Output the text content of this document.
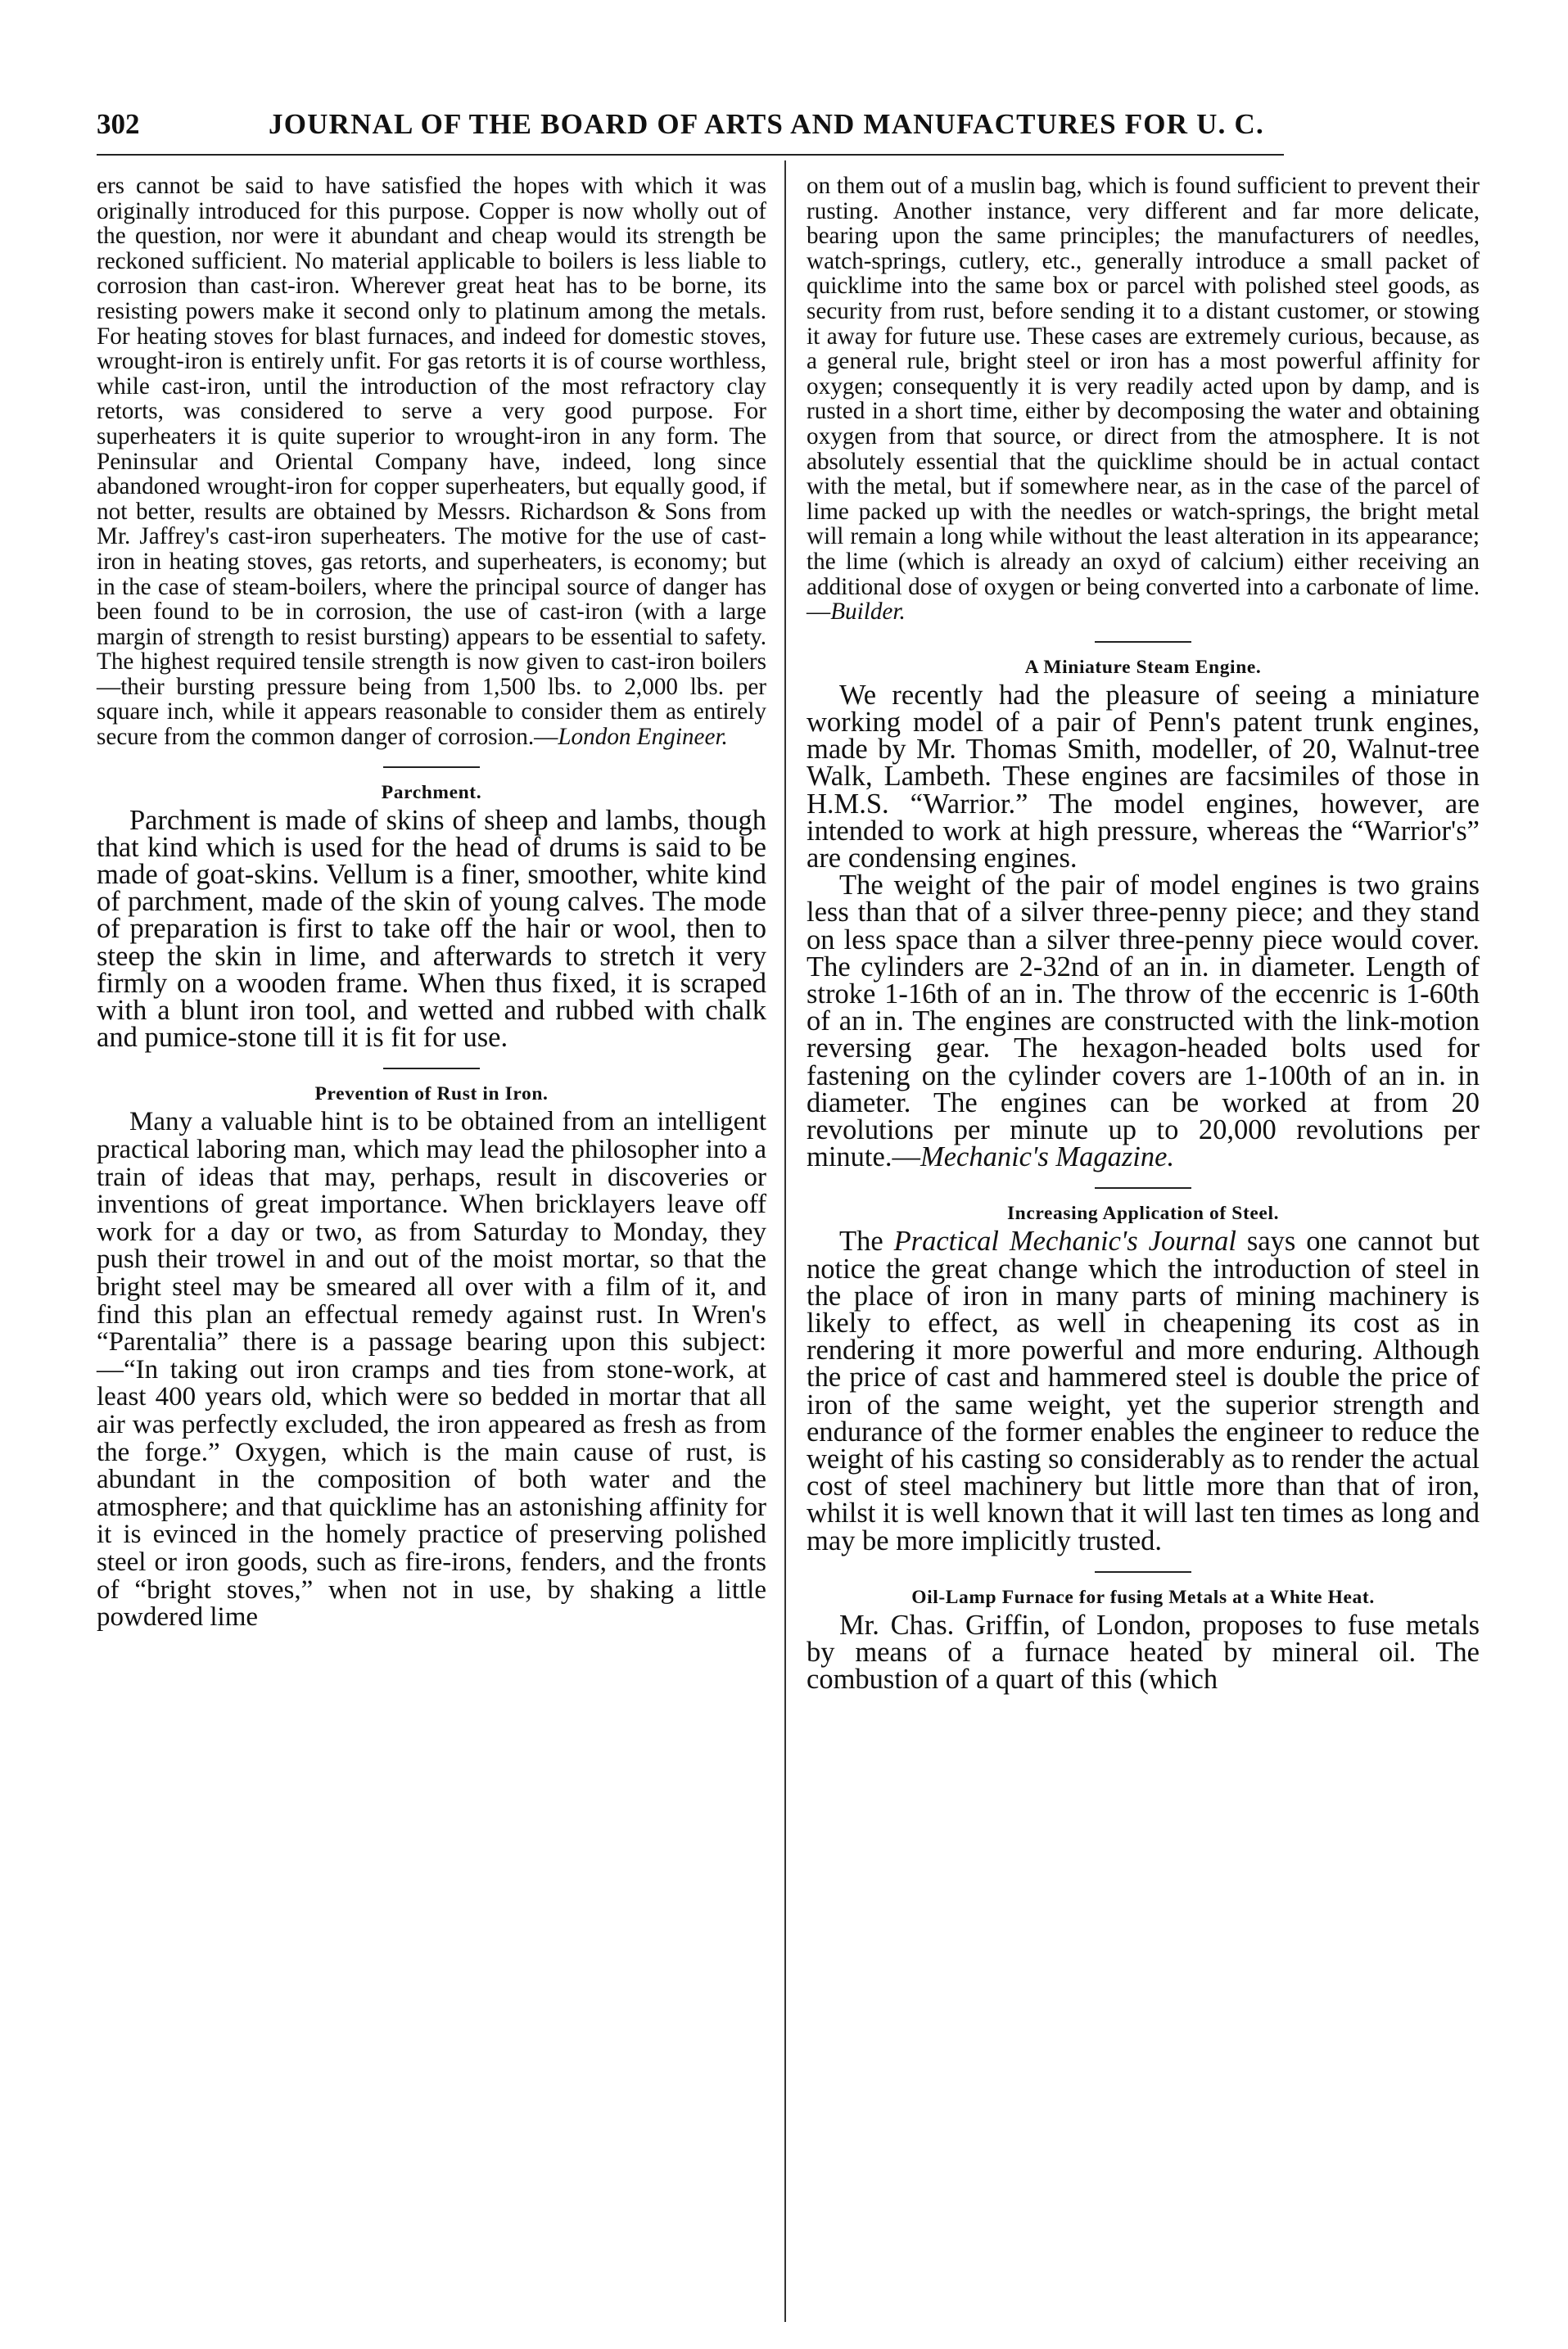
302	JOURNAL OF THE BOARD OF ARTS AND MANUFACTURES FOR U. C.

ers cannot be said to have satisfied the hopes with which it was originally introduced for this purpose. Copper is now wholly out of the question, nor were it abundant and cheap would its strength be reckoned sufficient. No material applicable to boilers is less liable to corrosion than cast-iron. Wherever great heat has to be borne, its resisting powers make it second only to platinum among the metals. For heating stoves for blast furnaces, and indeed for domestic stoves, wrought-iron is entirely unfit. For gas retorts it is of course worthless, while cast-iron, until the introduction of the most refractory clay retorts, was considered to serve a very good purpose. For superheaters it is quite superior to wrought-iron in any form. The Peninsular and Oriental Company have, indeed, long since abandoned wrought-iron for copper superheaters, but equally good, if not better, results are obtained by Messrs. Richardson & Sons from Mr. Jaffrey's cast-iron superheaters. The motive for the use of cast-iron in heating stoves, gas retorts, and superheaters, is economy; but in the case of steam-boilers, where the principal source of danger has been found to be in corrosion, the use of cast-iron (with a large margin of strength to resist bursting) appears to be essential to safety. The highest required tensile strength is now given to cast-iron boilers—their bursting pressure being from 1,500 lbs. to 2,000 lbs. per square inch, while it appears reasonable to consider them as entirely secure from the common danger of corrosion.—London Engineer.

Parchment.

Parchment is made of skins of sheep and lambs, though that kind which is used for the head of drums is said to be made of goat-skins. Vellum is a finer, smoother, white kind of parchment, made of the skin of young calves. The mode of preparation is first to take off the hair or wool, then to steep the skin in lime, and afterwards to stretch it very firmly on a wooden frame. When thus fixed, it is scraped with a blunt iron tool, and wetted and rubbed with chalk and pumice-stone till it is fit for use.

Prevention of Rust in Iron.

Many a valuable hint is to be obtained from an intelligent practical laboring man, which may lead the philosopher into a train of ideas that may, perhaps, result in discoveries or inventions of great importance. When bricklayers leave off work for a day or two, as from Saturday to Monday, they push their trowel in and out of the moist mortar, so that the bright steel may be smeared all over with a film of it, and find this plan an effectual remedy against rust. In Wren's “Parentalia” there is a passage bearing upon this subject:—“In taking out iron cramps and ties from stone-work, at least 400 years old, which were so bedded in mortar that all air was perfectly excluded, the iron appeared as fresh as from the forge.” Oxygen, which is the main cause of rust, is abundant in the composition of both water and the atmosphere; and that quicklime has an astonishing affinity for it is evinced in the homely practice of preserving polished steel or iron goods, such as fire-irons, fenders, and the fronts of “bright stoves,” when not in use, by shaking a little powdered lime

on them out of a muslin bag, which is found sufficient to prevent their rusting. Another instance, very different and far more delicate, bearing upon the same principles; the manufacturers of needles, watch-springs, cutlery, etc., generally introduce a small packet of quicklime into the same box or parcel with polished steel goods, as security from rust, before sending it to a distant customer, or stowing it away for future use. These cases are extremely curious, because, as a general rule, bright steel or iron has a most powerful affinity for oxygen; consequently it is very readily acted upon by damp, and is rusted in a short time, either by decomposing the water and obtaining oxygen from that source, or direct from the atmosphere. It is not absolutely essential that the quicklime should be in actual contact with the metal, but if somewhere near, as in the case of the parcel of lime packed up with the needles or watch-springs, the bright metal will remain a long while without the least alteration in its appearance; the lime (which is already an oxyd of calcium) either receiving an additional dose of oxygen or being converted into a carbonate of lime.—Builder.

A Miniature Steam Engine.

We recently had the pleasure of seeing a miniature working model of a pair of Penn's patent trunk engines, made by Mr. Thomas Smith, modeller, of 20, Walnut-tree Walk, Lambeth. These engines are facsimiles of those in H.M.S. “Warrior.” The model engines, however, are intended to work at high pressure, whereas the “Warrior's” are condensing engines.

The weight of the pair of model engines is two grains less than that of a silver three-penny piece; and they stand on less space than a silver three-penny piece would cover. The cylinders are 2-32nd of an in. in diameter. Length of stroke 1-16th of an in. The throw of the eccenric is 1-60th of an in. The engines are constructed with the link-motion reversing gear. The hexagon-headed bolts used for fastening on the cylinder covers are 1-100th of an in. in diameter. The engines can be worked at from 20 revolutions per minute up to 20,000 revolutions per minute.—Mechanic's Magazine.

Increasing Application of Steel.

The Practical Mechanic's Journal says one cannot but notice the great change which the introduction of steel in the place of iron in many parts of mining machinery is likely to effect, as well in cheapening its cost as in rendering it more powerful and more enduring. Although the price of cast and hammered steel is double the price of iron of the same weight, yet the superior strength and endurance of the former enables the engineer to reduce the weight of his casting so considerably as to render the actual cost of steel machinery but little more than that of iron, whilst it is well known that it will last ten times as long and may be more implicitly trusted.

Oil-Lamp Furnace for fusing Metals at a White Heat.

Mr. Chas. Griffin, of London, proposes to fuse metals by means of a furnace heated by mineral oil. The combustion of a quart of this (which
